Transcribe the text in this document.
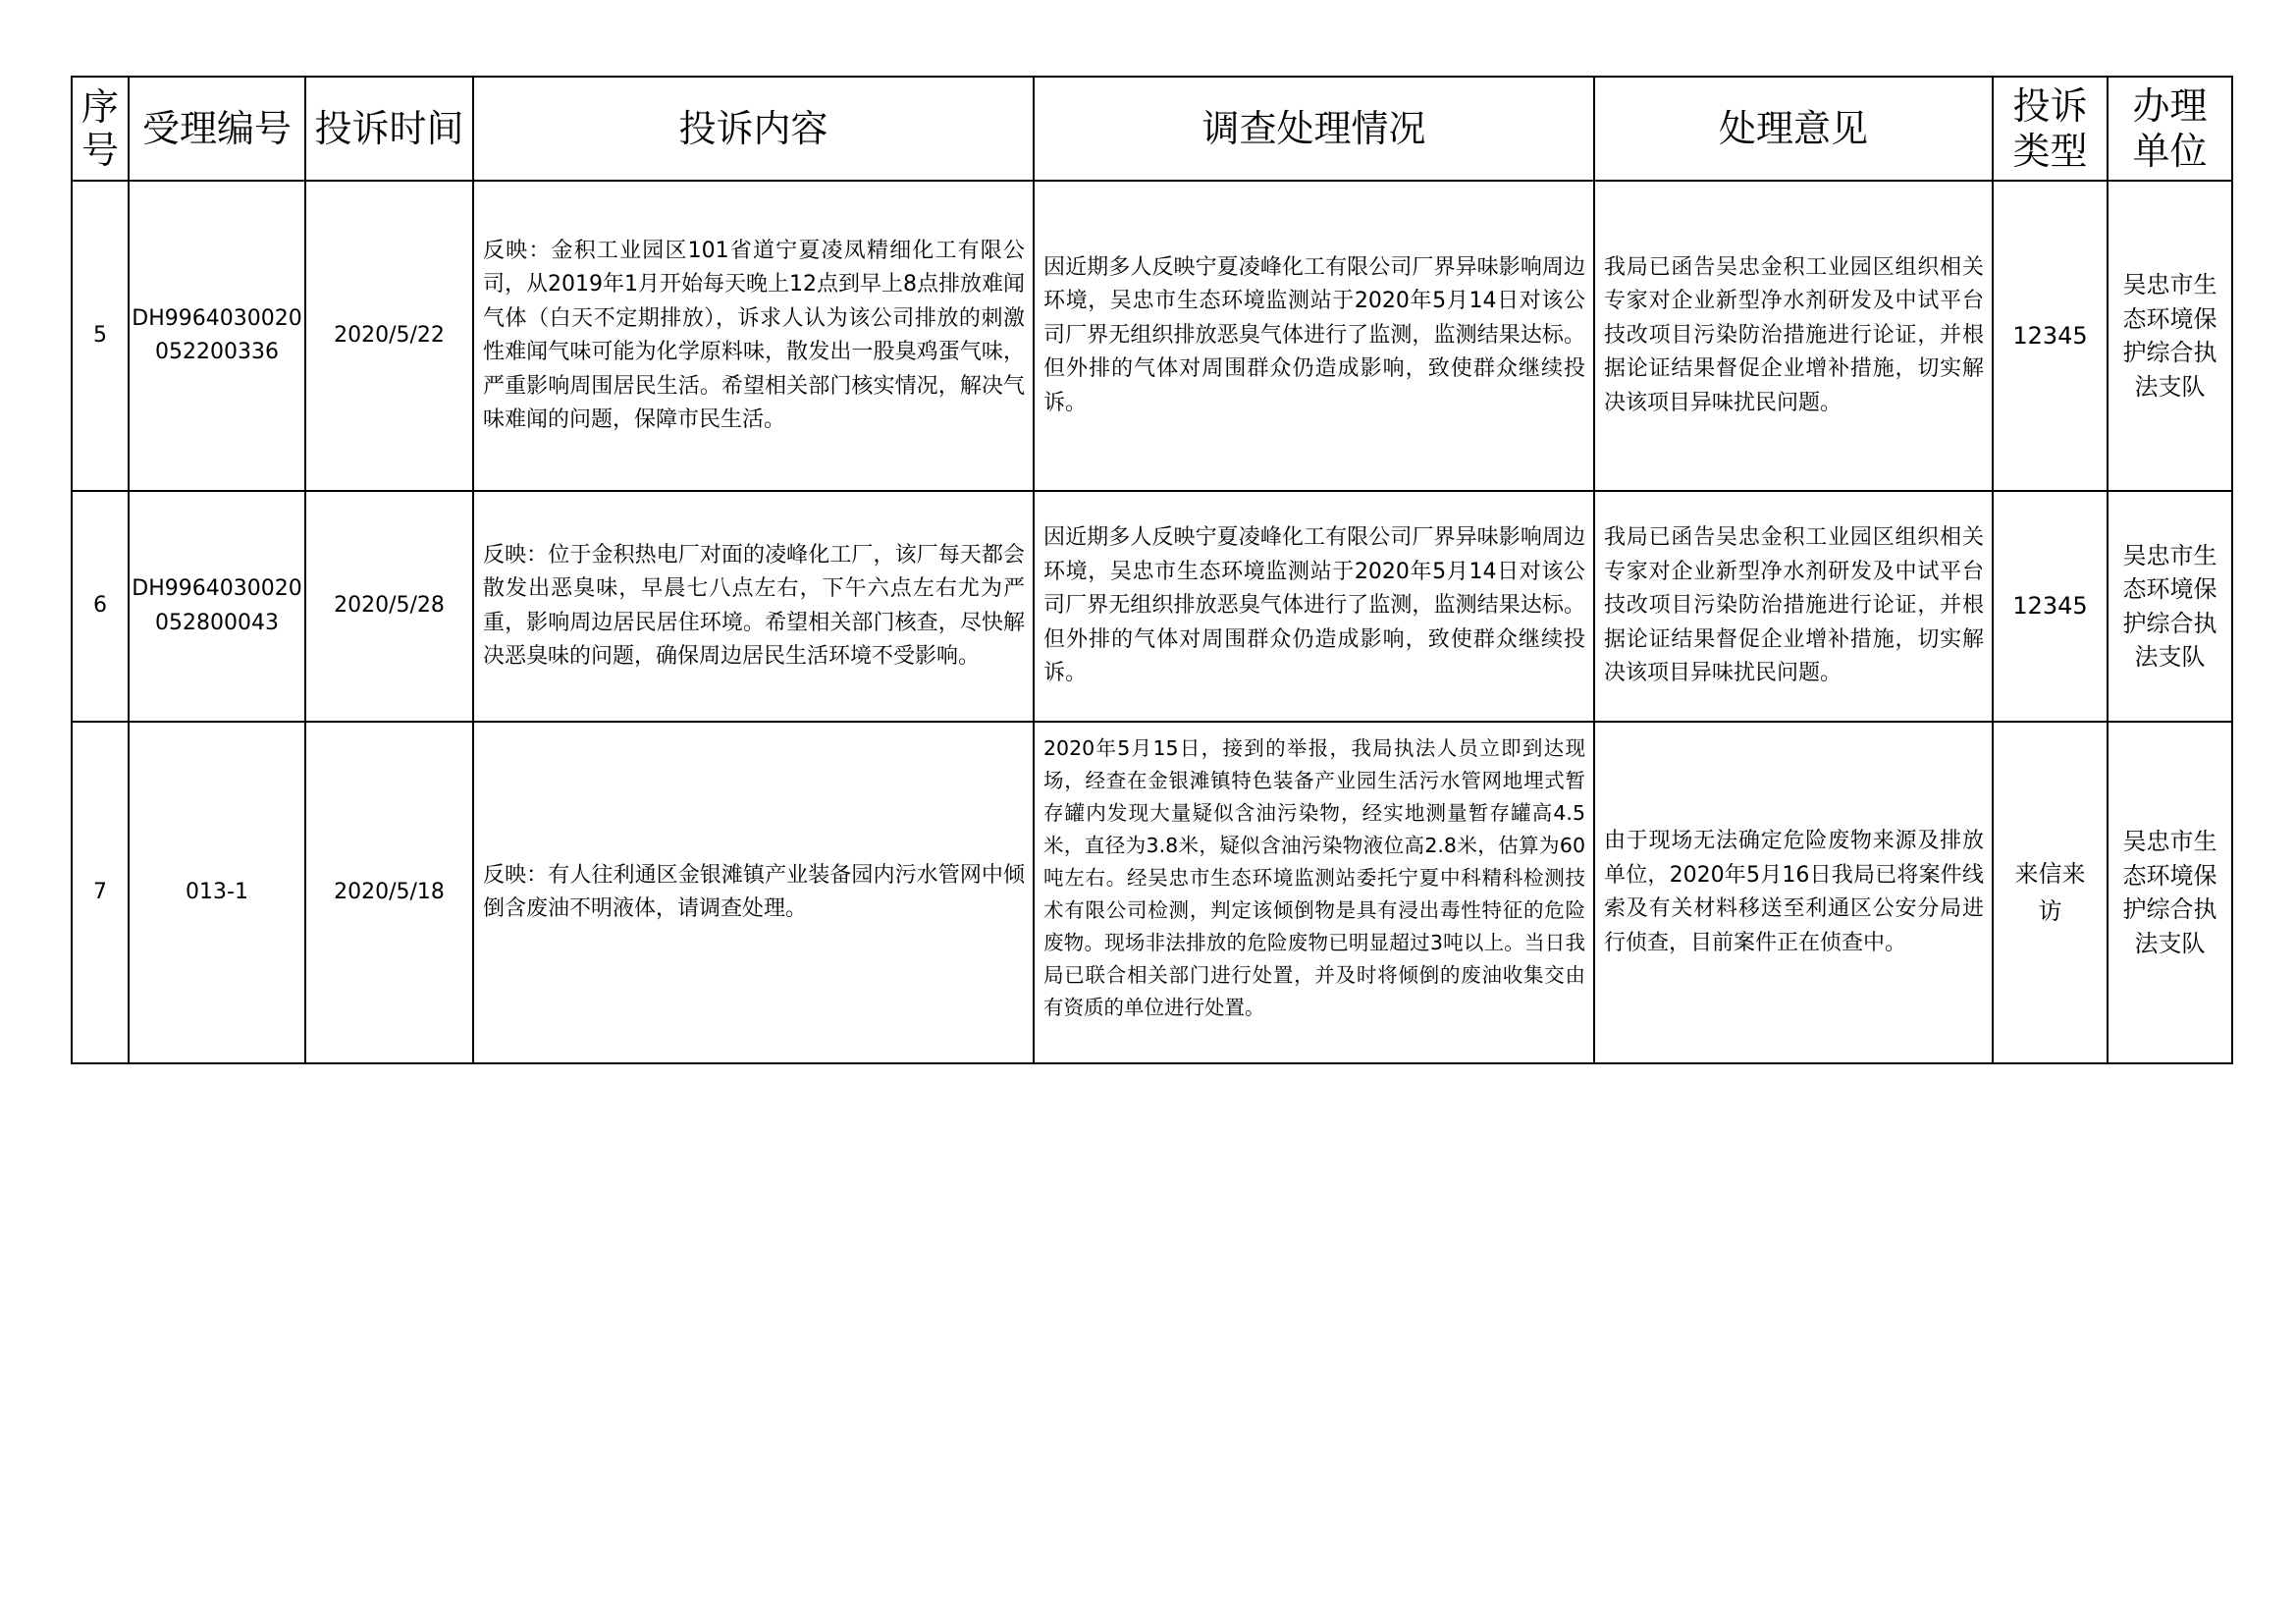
序号	受理编号	投诉时间	投诉内容	调查处理情况	处理意见	投诉类型	办理单位
5	DH9964030020052200336	2020/5/22	反映：金积工业园区101省道宁夏凌凤精细化工有限公司，从2019年1月开始每天晚上12点到早上8点排放难闻气体（白天不定期排放），诉求人认为该公司排放的刺激性难闻气味可能为化学原料味，散发出一股臭鸡蛋气味，严重影响周围居民生活。希望相关部门核实情况，解决气味难闻的问题，保障市民生活。	因近期多人反映宁夏凌峰化工有限公司厂界异味影响周边环境，吴忠市生态环境监测站于2020年5月14日对该公司厂界无组织排放恶臭气体进行了监测，监测结果达标。但外排的气体对周围群众仍造成影响，致使群众继续投诉。	我局已函告吴忠金积工业园区组织相关专家对企业新型净水剂研发及中试平台技改项目污染防治措施进行论证，并根据论证结果督促企业增补措施，切实解决该项目异味扰民问题。	12345	吴忠市生态环境保护综合执法支队
6	DH9964030020052800043	2020/5/28	反映：位于金积热电厂对面的凌峰化工厂，该厂每天都会散发出恶臭味，早晨七八点左右，下午六点左右尤为严重，影响周边居民居住环境。希望相关部门核查，尽快解决恶臭味的问题，确保周边居民生活环境不受影响。	因近期多人反映宁夏凌峰化工有限公司厂界异味影响周边环境，吴忠市生态环境监测站于2020年5月14日对该公司厂界无组织排放恶臭气体进行了监测，监测结果达标。但外排的气体对周围群众仍造成影响，致使群众继续投诉。	我局已函告吴忠金积工业园区组织相关专家对企业新型净水剂研发及中试平台技改项目污染防治措施进行论证，并根据论证结果督促企业增补措施，切实解决该项目异味扰民问题。	12345	吴忠市生态环境保护综合执法支队
7	013-1	2020/5/18	反映：有人往利通区金银滩镇产业装备园内污水管网中倾倒含废油不明液体，请调查处理。	2020年5月15日，接到的举报，我局执法人员立即到达现场，经查在金银滩镇特色装备产业园生活污水管网地埋式暂存罐内发现大量疑似含油污染物，经实地测量暂存罐高4.5米，直径为3.8米，疑似含油污染物液位高2.8米，估算为60吨左右。经吴忠市生态环境监测站委托宁夏中科精科检测技术有限公司检测，判定该倾倒物是具有浸出毒性特征的危险废物。现场非法排放的危险废物已明显超过3吨以上。当日我局已联合相关部门进行处置，并及时将倾倒的废油收集交由有资质的单位进行处置。	由于现场无法确定危险废物来源及排放单位，2020年5月16日我局已将案件线索及有关材料移送至利通区公安分局进行侦查，目前案件正在侦查中。	来信来访	吴忠市生态环境保护综合执法支队
